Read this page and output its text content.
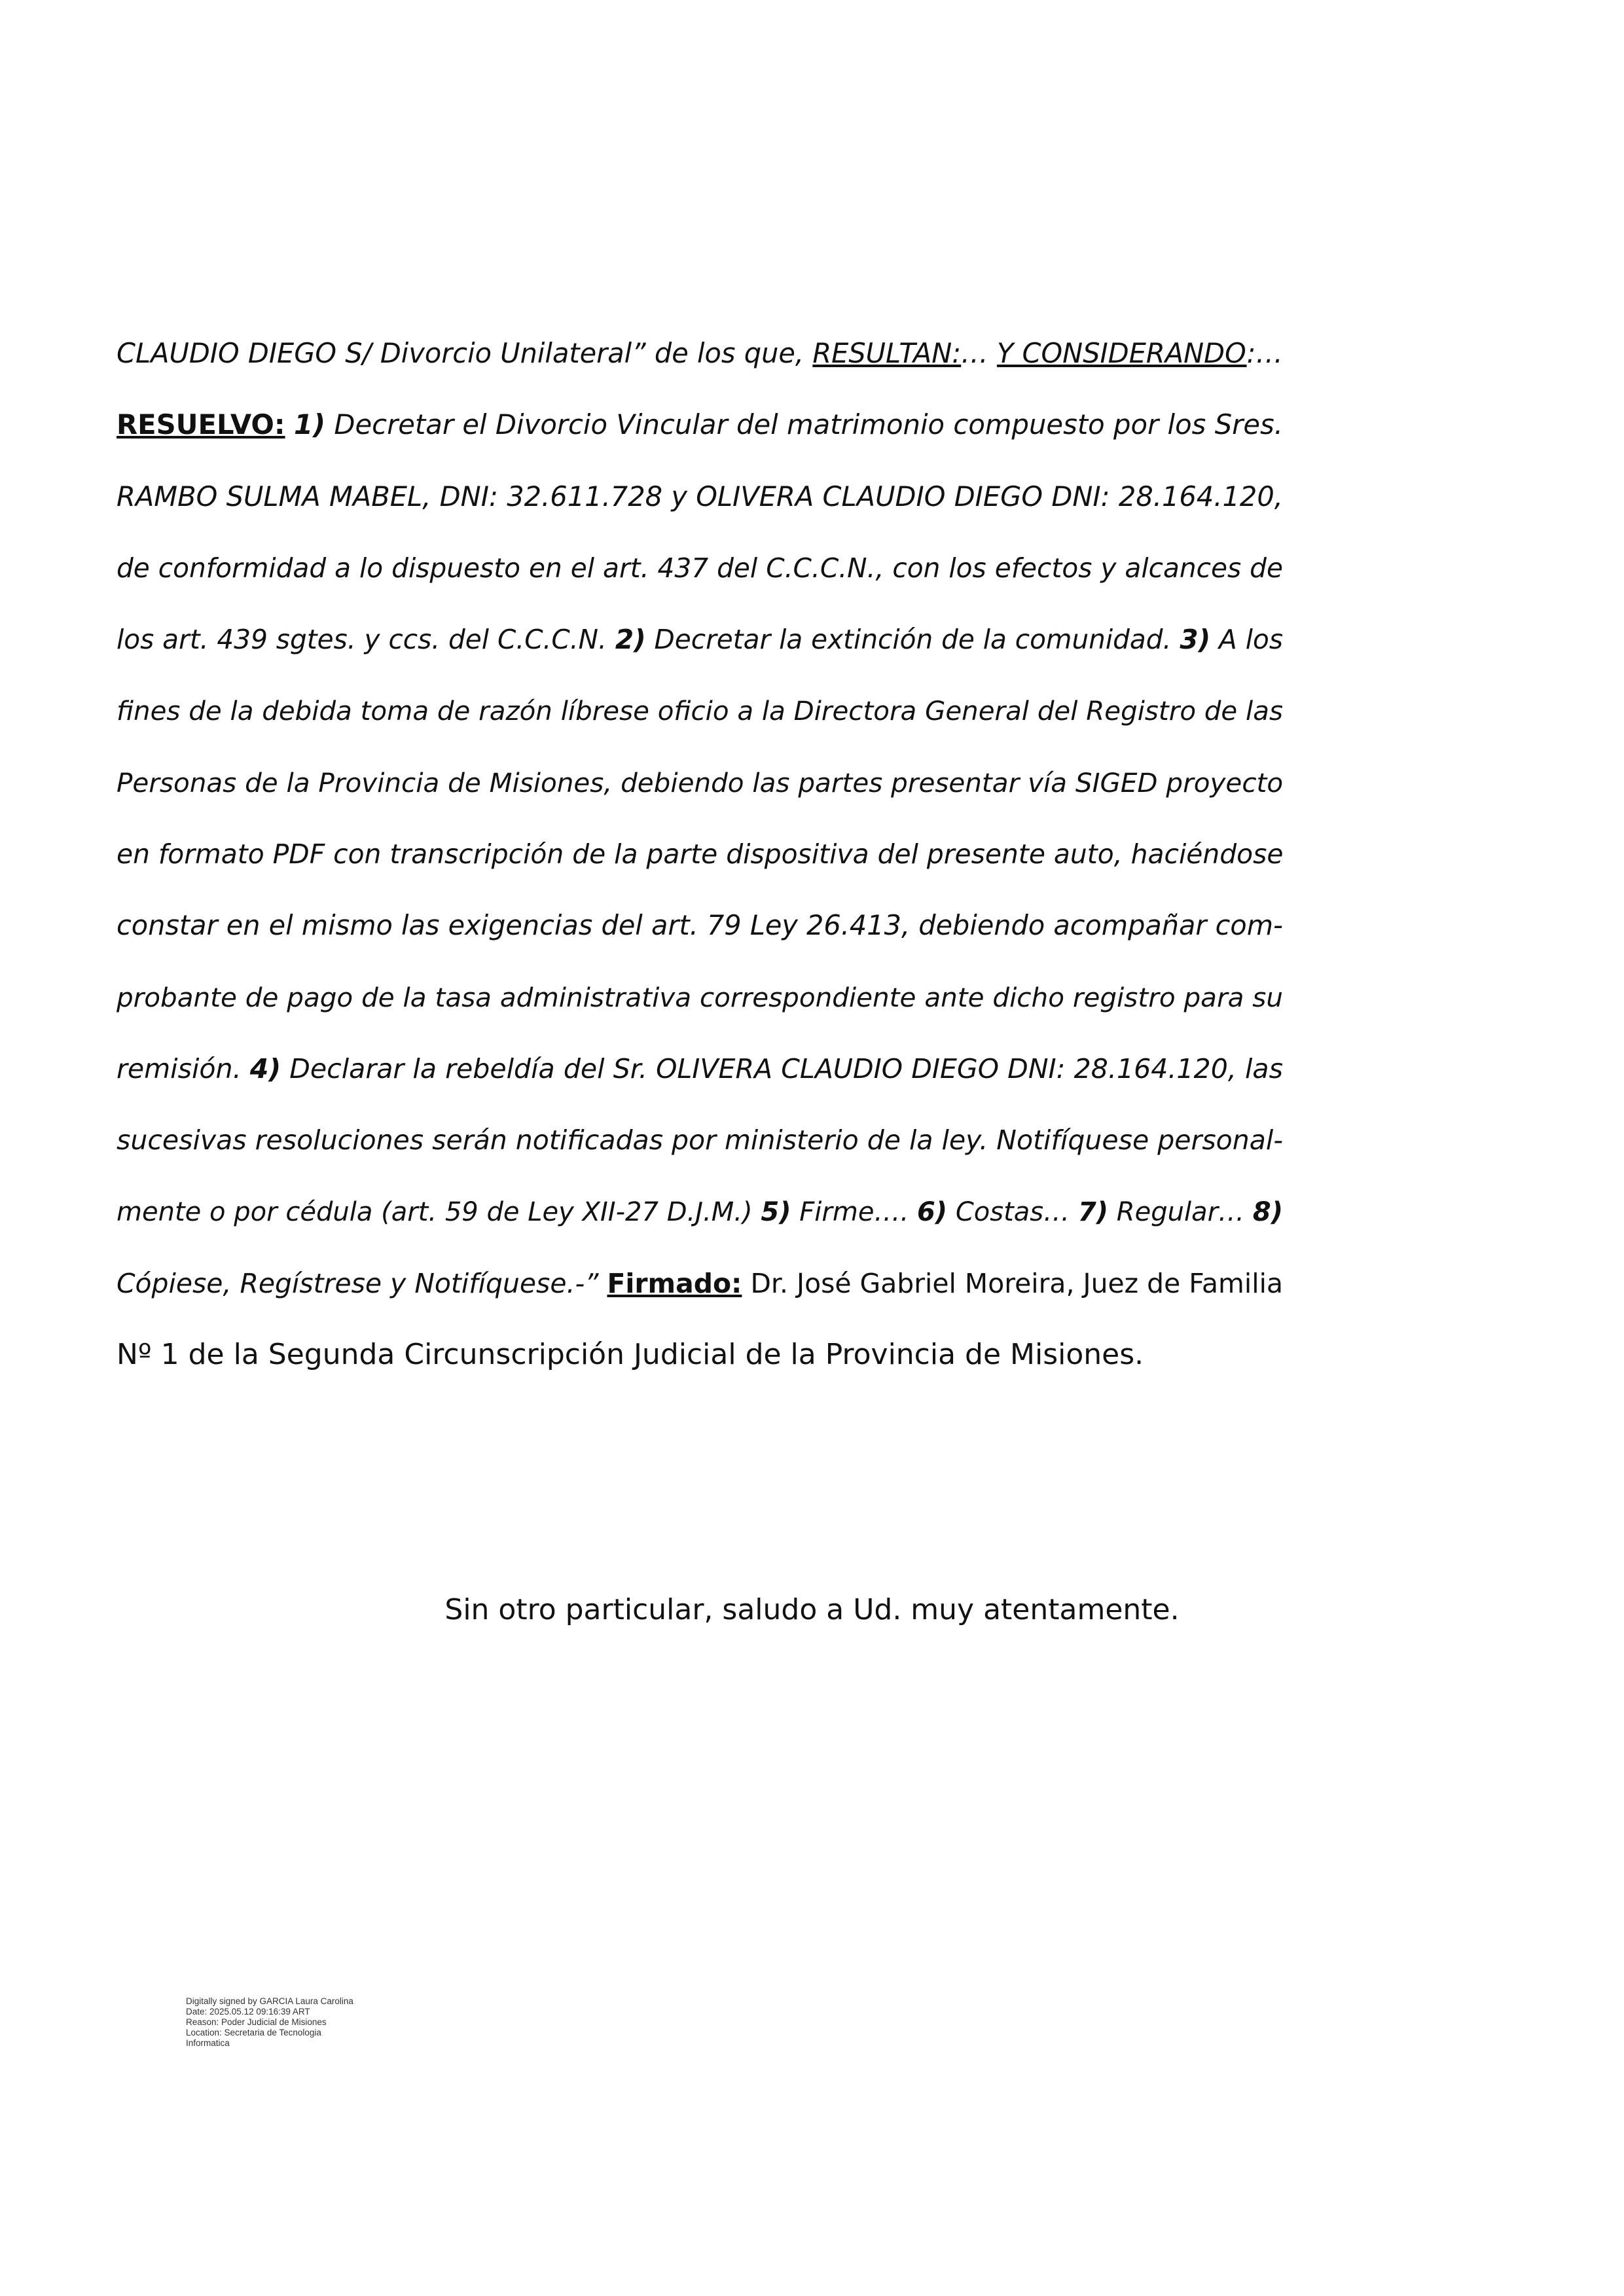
CLAUDIO DIEGO S/ Divorcio Unilateral” de los que, RESULTAN:… Y CONSIDERANDO:…
RESUELVO: 1) Decretar el Divorcio Vincular del matrimonio compuesto por los Sres.
RAMBO SULMA MABEL, DNI: 32.611.728 y OLIVERA CLAUDIO DIEGO DNI: 28.164.120,
de conformidad a lo dispuesto en el art. 437 del C.C.C.N., con los efectos y alcances de
los art. 439 sgtes. y ccs. del C.C.C.N. 2) Decretar la extinción de la comunidad. 3) A los
fines de la debida toma de razón líbrese oficio a la Directora General del Registro de las
Personas de la Provincia de Misiones, debiendo las partes presentar vía SIGED proyecto
en formato PDF con transcripción de la parte dispositiva del presente auto, haciéndose
constar en el mismo las exigencias del art. 79 Ley 26.413, debiendo acompañar com-
probante de pago de la tasa administrativa correspondiente ante dicho registro para su
remisión. 4) Declarar la rebeldía del Sr. OLIVERA CLAUDIO DIEGO DNI: 28.164.120, las
sucesivas resoluciones serán notificadas por ministerio de la ley. Notifíquese personal-
mente o por cédula (art. 59 de Ley XII-27 D.J.M.) 5) Firme…. 6) Costas… 7) Regular… 8)
Cópiese, Regístrese y Notifíquese.-” Firmado: Dr. José Gabriel Moreira, Juez de Familia
Nº 1 de la Segunda Circunscripción Judicial de la Provincia de Misiones.
Sin otro particular, saludo a Ud. muy atentamente.
Digitally signed by GARCIA Laura Carolina
Date: 2025.05.12 09:16:39 ART
Reason: Poder Judicial de Misiones
Location: Secretaria de Tecnologia
Informatica
